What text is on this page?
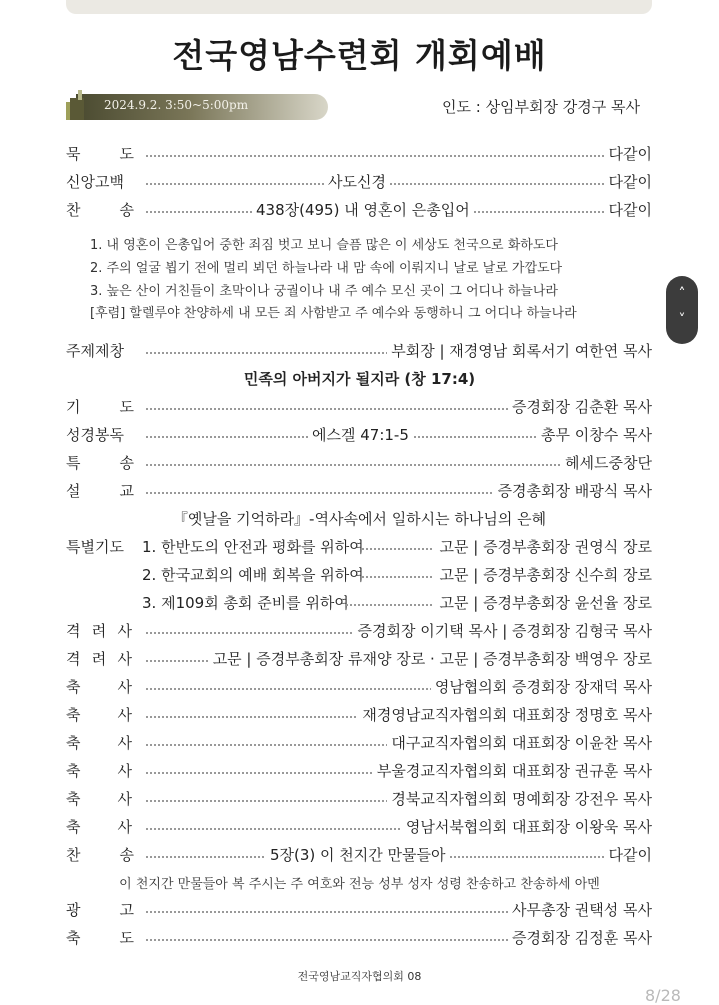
전국영남수련회 개회예배
2024.9.2. 3:50~5:00pm	인도 : 상임부회장 강경구 목사
묵	도	다같이
신앙고백	사도신경	다같이
찬	송	438장(495) 내 영혼이 은총입어	다같이
1. 내 영혼이 은총입어 중한 죄짐 벗고 보니 슬픔 많은 이 세상도 천국으로 화하도다
2. 주의 얼굴 뵙기 전에 멀리 뵈던 하늘나라 내 맘 속에 이뤄지니 날로 날로 가깝도다
3. 높은 산이 거친들이 초막이나 궁궐이나 내 주 예수 모신 곳이 그 어디나 하늘나라
[후렴] 할렐루야 찬양하세 내 모든 죄 사함받고 주 예수와 동행하니 그 어디나 하늘나라
주제제창	부회장 | 재경영남 회록서기 여한연 목사
민족의 아버지가 될지라 (창 17:4)
기	도	증경회장 김춘환 목사
성경봉독	에스겔 47:1-5	총무 이창수 목사
특	송	헤세드중창단
설	교	증경총회장 배광식 목사
『옛날을 기억하라』-역사속에서 일하시는 하나님의 은혜
특별기도	1. 한반도의 안전과 평화를 위하여	고문 | 증경부총회장 권영식 장로
2. 한국교회의 예배 회복을 위하여	고문 | 증경부총회장 신수희 장로
3. 제109회 총회 준비를 위하여	고문 | 증경부총회장 윤선율 장로
격 려 사	증경회장 이기택 목사 | 증경회장 김형국 목사
격 려 사	고문 | 증경부총회장 류재양 장로 · 고문 | 증경부총회장 백영우 장로
축 사	영남협의회 증경회장 장재덕 목사
축 사	재경영남교직자협의회 대표회장 정명호 목사
축 사	대구교직자협의회 대표회장 이윤찬 목사
축 사	부울경교직자협의회 대표회장 권규훈 목사
축 사	경북교직자협의회 명예회장 강전우 목사
축 사	영남서북협의회 대표회장 이왕욱 목사
찬	송	5장(3) 이 천지간 만물들아	다같이
이 천지간 만물들아 복 주시는 주 여호와 전능 성부 성자 성령 찬송하고 찬송하세 아멘
광	고	사무총장 권택성 목사
축	도	증경회장 김정훈 목사
전국영남교직자협의회 08
8/28
˄
˅
